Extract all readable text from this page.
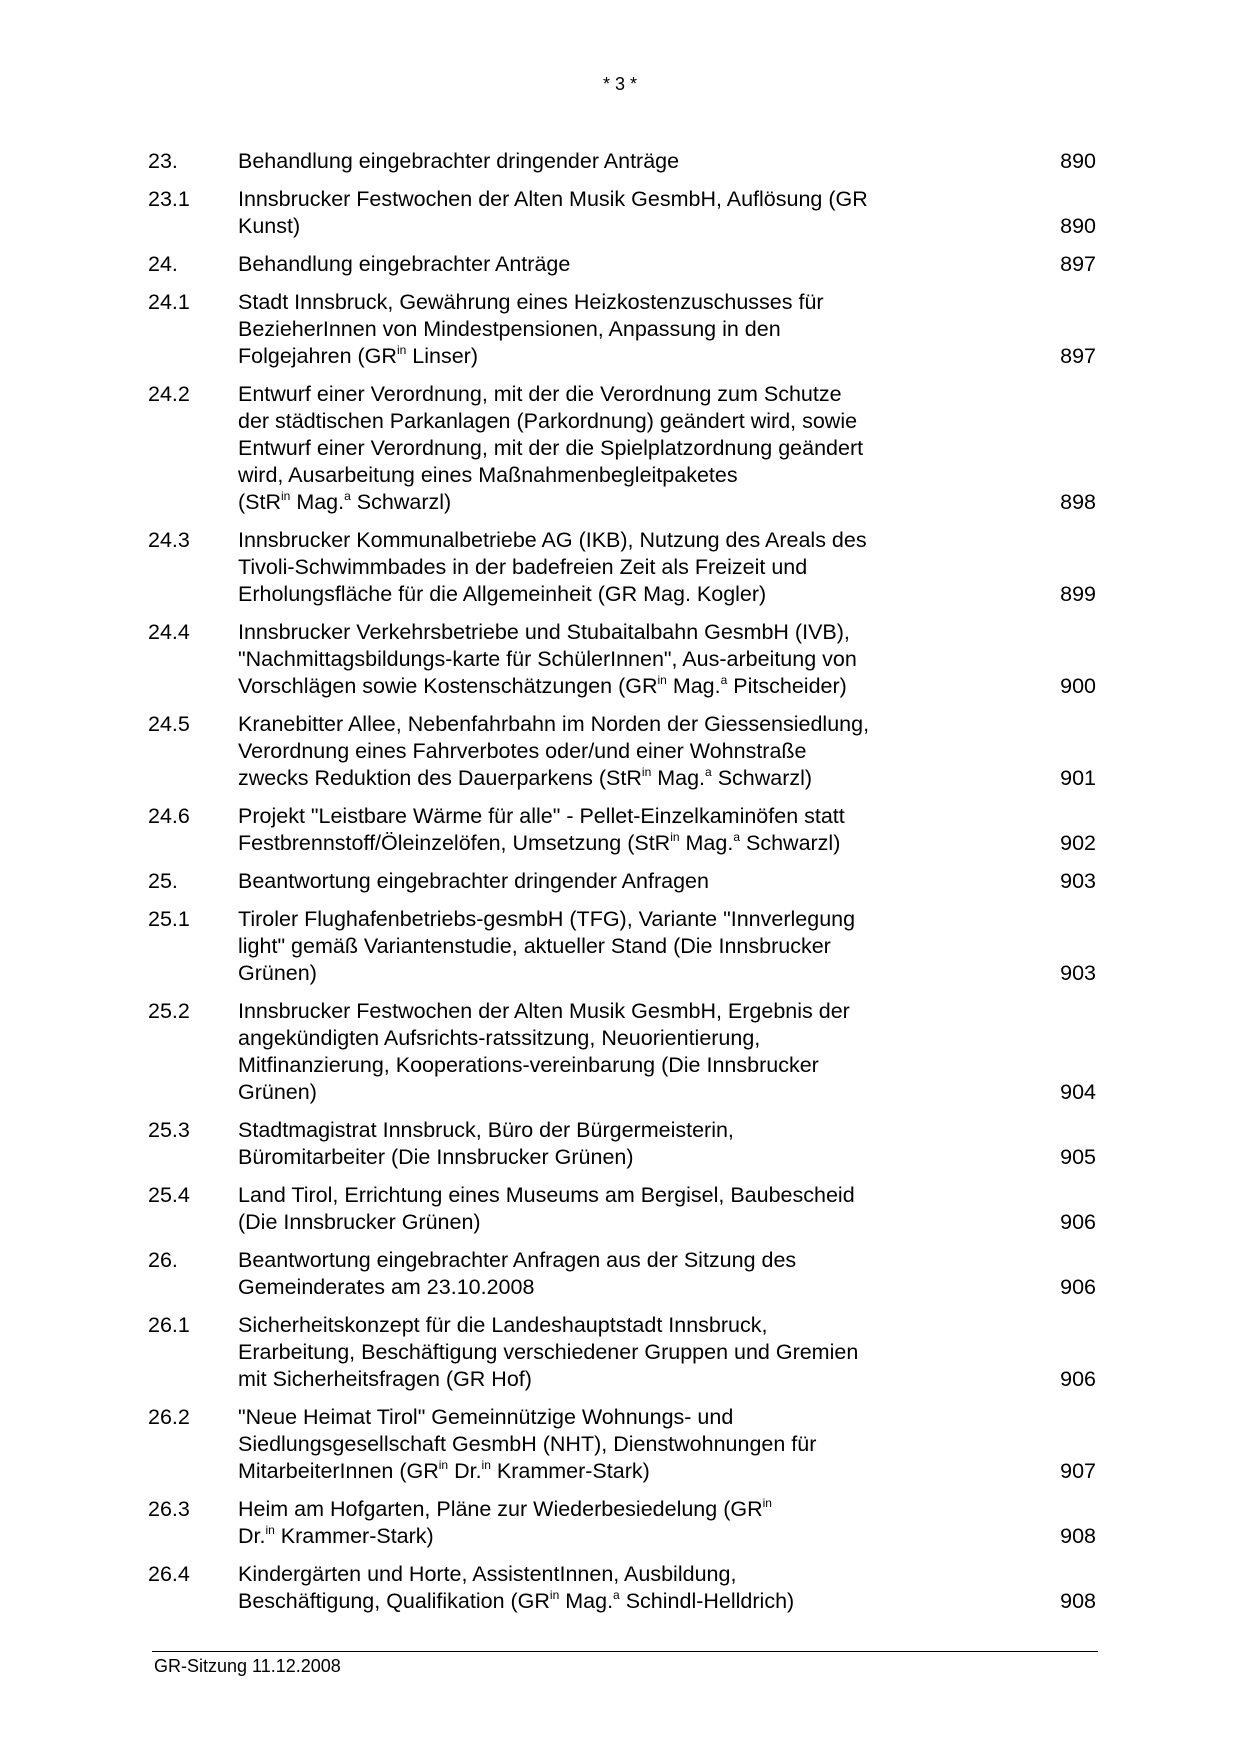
* 3 *
23.	Behandlung eingebrachter dringender Anträge	890
23.1	Innsbrucker Festwochen der Alten Musik GesmbH, Auflösung (GR
Kunst)	890
24.	Behandlung eingebrachter Anträge	897
24.1	Stadt Innsbruck, Gewährung eines Heizkostenzuschusses für
BezieherInnen von Mindestpensionen, Anpassung in den
Folgejahren ($GR^{in}$ Linser)	897
24.2	Entwurf einer Verordnung, mit der die Verordnung zum Schutze
der städtischen Parkanlagen (Parkordnung) geändert wird, sowie
Entwurf einer Verordnung, mit der die Spielplatzordnung geändert
wird, Ausarbeitung eines Maßnahmenbegleitpaketes
(StR$^{in}$ Mag.$^a$ Schwarzl)	898
24.3	Innsbrucker Kommunalbetriebe AG (IKB), Nutzung des Areals des
Tivoli-Schwimmbades in der badefreien Zeit als Freizeit und
Erholungsfläche für die Allgemeinheit (GR Mag. Kogler)	899
24.4	Innsbrucker Verkehrsbetriebe und Stubaitalbahn GesmbH (IVB),
"Nachmittagsbildungs-karte für SchülerInnen", Aus-arbeitung von
Vorschlägen sowie Kostenschätzungen ($GR^{in}$ Mag.$^a$ Pitscheider)	900
24.5	Kranebitter Allee, Nebenfahrbahn im Norden der Giessensiedlung,
Verordnung eines Fahrverbotes oder/und einer Wohnstraße
zwecks Reduktion des Dauerparkens (StR$^{in}$ Mag.$^a$ Schwarzl)	901
24.6	Projekt "Leistbare Wärme für alle" - Pellet-Einzelkaminöfen statt
Festbrennstoff/Öleinzelöfen, Umsetzung (StR$^{in}$ Mag.$^a$ Schwarzl)	902
25.	Beantwortung eingebrachter dringender Anfragen	903
25.1	Tiroler Flughafenbetriebs-gesmbH (TFG), Variante "Innverlegung
light" gemäß Variantenstudie, aktueller Stand (Die Innsbrucker
Grünen)	903
25.2	Innsbrucker Festwochen der Alten Musik GesmbH, Ergebnis der
angekündigten Aufsrichts-ratssitzung, Neuorientierung,
Mitfinanzierung, Kooperations-vereinbarung (Die Innsbrucker
Grünen)	904
25.3	Stadtmagistrat Innsbruck, Büro der Bürgermeisterin,
Büromitarbeiter (Die Innsbrucker Grünen)	905
25.4	Land Tirol, Errichtung eines Museums am Bergisel, Baubescheid
(Die Innsbrucker Grünen)	906
26.	Beantwortung eingebrachter Anfragen aus der Sitzung des
Gemeinderates am 23.10.2008	906
26.1	Sicherheitskonzept für die Landeshauptstadt Innsbruck,
Erarbeitung, Beschäftigung verschiedener Gruppen und Gremien
mit Sicherheitsfragen (GR Hof)	906
26.2	"Neue Heimat Tirol" Gemeinnützige Wohnungs- und
Siedlungsgesellschaft GesmbH (NHT), Dienstwohnungen für
MitarbeiterInnen ($GR^{in}$ Dr.$^{in}$ Krammer-Stark)	907
26.3	Heim am Hofgarten, Pläne zur Wiederbesiedelung ($GR^{in}$
Dr.$^{in}$ Krammer-Stark)	908
26.4	Kindergärten und Horte, AssistentInnen, Ausbildung,
Beschäftigung, Qualifikation ($GR^{in}$ Mag.$^a$ Schindl-Helldrich)	908
GR-Sitzung 11.12.2008
